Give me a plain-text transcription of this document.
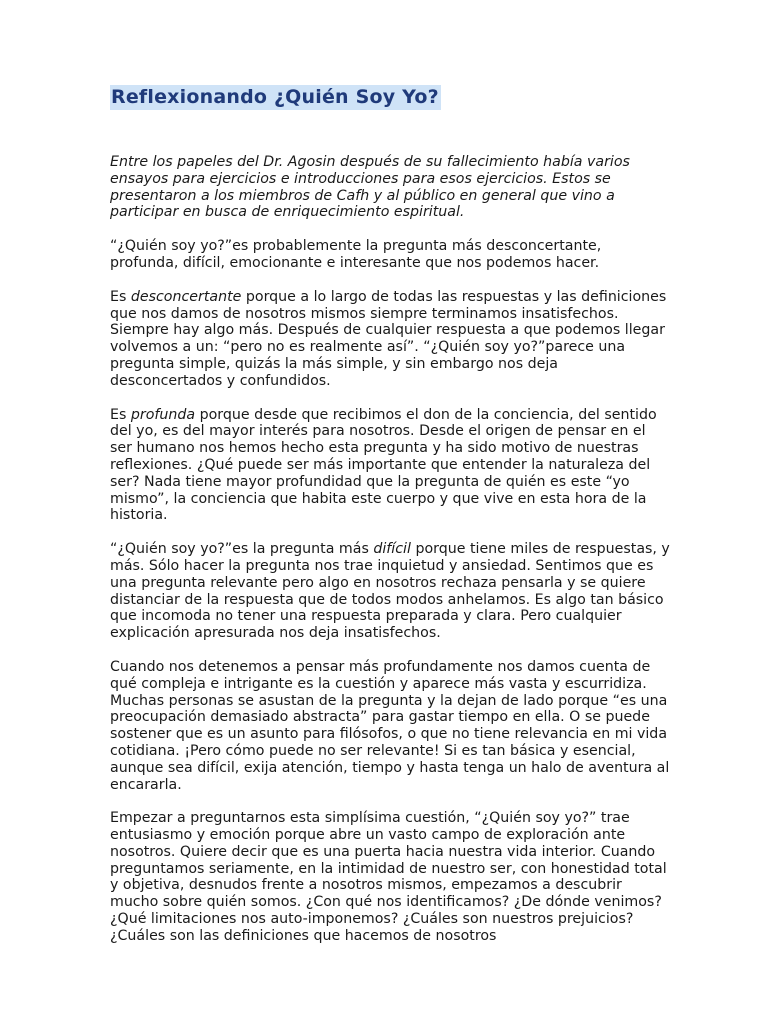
Reflexionando ¿Quién Soy Yo?

Entre los papeles del Dr. Agosin después de su fallecimiento había varios ensayos para ejercicios e introducciones para esos ejercicios. Estos se presentaron a los miembros de Cafh y al público en general que vino a participar en busca de enriquecimiento espiritual.

“¿Quién soy yo?”es probablemente la pregunta más desconcertante, profunda, difícil, emocionante e interesante que nos podemos hacer.

Es desconcertante porque a lo largo de todas las respuestas y las definiciones que nos damos de nosotros mismos siempre terminamos insatisfechos. Siempre hay algo más. Después de cualquier respuesta a que podemos llegar volvemos a un: “pero no es realmente así”. “¿Quién soy yo?”parece una pregunta simple, quizás la más simple, y sin embargo nos deja desconcertados y confundidos.

Es profunda porque desde que recibimos el don de la conciencia, del sentido del yo, es del mayor interés para nosotros. Desde el origen de pensar en el ser humano nos hemos hecho esta pregunta y ha sido motivo de nuestras reflexiones. ¿Qué puede ser más importante que entender la naturaleza del ser? Nada tiene mayor profundidad que la pregunta de quién es este “yo mismo”, la conciencia que habita este cuerpo y que vive en esta hora de la historia.

“¿Quién soy yo?”es la pregunta más difícil porque tiene miles de respuestas, y más. Sólo hacer la pregunta nos trae inquietud y ansiedad. Sentimos que es una pregunta relevante pero algo en nosotros rechaza pensarla y se quiere distanciar de la respuesta que de todos modos anhelamos. Es algo tan básico que incomoda no tener una respuesta preparada y clara. Pero cualquier explicación apresurada nos deja insatisfechos.

Cuando nos detenemos a pensar más profundamente nos damos cuenta de qué compleja e intrigante es la cuestión y aparece más vasta y escurridiza. Muchas personas se asustan de la pregunta y la dejan de lado porque “es una preocupación demasiado abstracta” para gastar tiempo en ella. O se puede sostener que es un asunto para filósofos, o que no tiene relevancia en mi vida cotidiana. ¡Pero cómo puede no ser relevante! Si es tan básica y esencial, aunque sea difícil, exija atención, tiempo y hasta tenga un halo de aventura al encararla.

Empezar a preguntarnos esta simplísima cuestión, “¿Quién soy yo?” trae entusiasmo y emoción porque abre un vasto campo de exploración ante nosotros. Quiere decir que es una puerta hacia nuestra vida interior. Cuando preguntamos seriamente, en la intimidad de nuestro ser, con honestidad total y objetiva, desnudos frente a nosotros mismos, empezamos a descubrir mucho sobre quién somos. ¿Con qué nos identificamos? ¿De dónde venimos? ¿Qué limitaciones nos auto-imponemos? ¿Cuáles son nuestros prejuicios? ¿Cuáles son las definiciones que hacemos de nosotros
